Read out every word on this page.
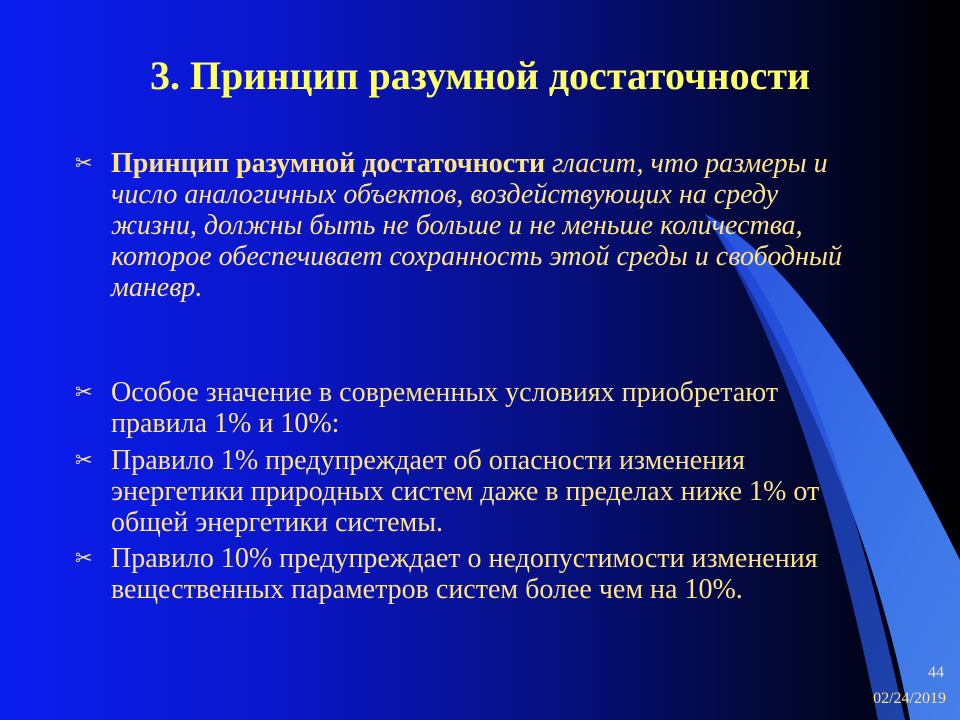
3. Принцип разумной достаточности
✂ Принцип разумной достаточности гласит, что размеры и число аналогичных объектов, воздействующих на среду жизни, должны быть не больше и не меньше количества, которое обеспечивает сохранность этой среды и свободный маневр.
✂ Особое значение в современных условиях приобретают правила 1% и 10%:
✂ Правило 1% предупреждает об опасности изменения энергетики природных систем даже в пределах ниже 1% от общей энергетики системы.
✂ Правило 10% предупреждает о недопустимости изменения вещественных параметров систем более чем на 10%.
44
02/24/2019
